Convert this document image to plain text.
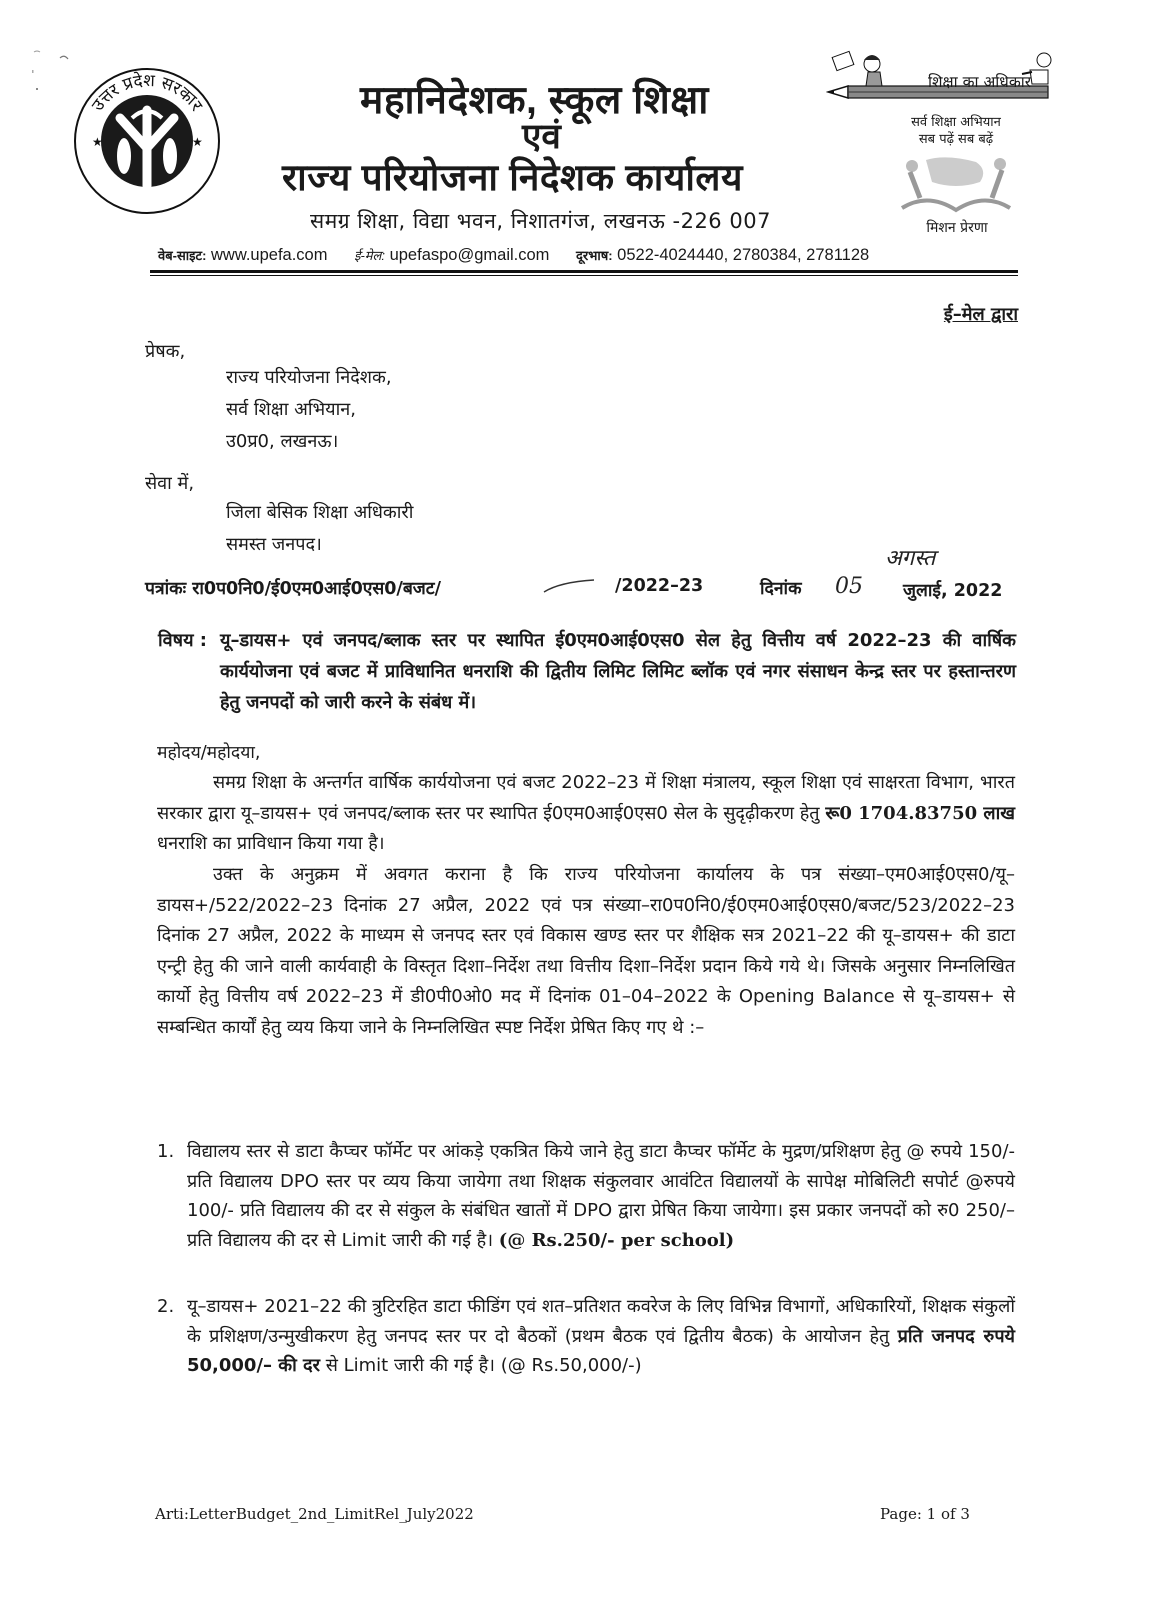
★	★
उत्तर प्रदेश सरकार	महानिदेशक, स्कूल शिक्षा
एवं
राज्य परियोजना निदेशक कार्यालय
समग्र शिक्षा, विद्या भवन, निशातगंज, लखनऊ -226 007
वेब-साइट: www.upefa.com ई-मेल: upefaspo@gmail.com दूरभाष: 0522-4024440, 2780384, 2781128
शिक्षा का अधिकार
सर्व शिक्षा अभियान
सब पढ़ें सब बढ़ें
मिशन प्रेरणा
ई–मेल द्वारा
प्रेषक,
राज्य परियोजना निदेशक,
सर्व शिक्षा अभियान,
उ0प्र0, लखनऊ।
सेवा में,
जिला बेसिक शिक्षा अधिकारी
समस्त जनपद।
पत्रांकः रा0प0नि0/ई0एम0आई0एस0/बजट/	/2022–23	दिनांक 05
अगस्त
जुलाई, 2022
विषय : यू–डायस+ एवं जनपद/ब्लाक स्तर पर स्थापित ई0एम0आई0एस0 सेल हेतु वित्तीय वर्ष 2022–23 की वार्षिक कार्ययोजना एवं बजट में प्राविधानित धनराशि की द्वितीय लिमिट लिमिट ब्लॉक एवं नगर संसाधन केन्द्र स्तर पर हस्तान्तरण हेतु जनपदों को जारी करने के संबंध में।
महोदय/महोदया,

समग्र शिक्षा के अन्तर्गत वार्षिक कार्ययोजना एवं बजट 2022–23 में शिक्षा मंत्रालय, स्कूल शिक्षा एवं साक्षरता विभाग, भारत सरकार द्वारा यू–डायस+ एवं जनपद/ब्लाक स्तर पर स्थापित ई0एम0आई0एस0 सेल के सुदृढ़ीकरण हेतु रू0 1704.83750 लाख धनराशि का प्राविधान किया गया है।

उक्त के अनुक्रम में अवगत कराना है कि राज्य परियोजना कार्यालय के पत्र संख्या–एम0आई0एस0/यू–डायस+/522/2022–23 दिनांक 27 अप्रैल, 2022 एवं पत्र संख्या–रा0प0नि0/ई0एम0आई0एस0/बजट/523/2022–23 दिनांक 27 अप्रैल, 2022 के माध्यम से जनपद स्तर एवं विकास खण्ड स्तर पर शैक्षिक सत्र 2021–22 की यू–डायस+ की डाटा एन्ट्री हेतु की जाने वाली कार्यवाही के विस्तृत दिशा–निर्देश तथा वित्तीय दिशा–निर्देश प्रदान किये गये थे। जिसके अनुसार निम्नलिखित कार्यो हेतु वित्तीय वर्ष 2022–23 में डी0पी0ओ0 मद में दिनांक 01–04–2022 के Opening Balance से यू–डायस+ से सम्बन्धित कार्यों हेतु व्यय किया जाने के निम्नलिखित स्पष्ट निर्देश प्रेषित किए गए थे :–

1. विद्यालय स्तर से डाटा कैप्चर फॉर्मेट पर आंकड़े एकत्रित किये जाने हेतु डाटा कैप्चर फॉर्मेट के मुद्रण/प्रशिक्षण हेतु @ रुपये 150/- प्रति विद्यालय DPO स्तर पर व्यय किया जायेगा तथा शिक्षक संकुलवार आवंटित विद्यालयों के सापेक्ष मोबिलिटी सपोर्ट @रुपये 100/- प्रति विद्यालय की दर से संकुल के संबंधित खातों में DPO द्वारा प्रेषित किया जायेगा। इस प्रकार जनपदों को रु0 250/– प्रति विद्यालय की दर से Limit जारी की गई है। (@ Rs.250/- per school)
2. यू–डायस+ 2021–22 की त्रुटिरहित डाटा फीडिंग एवं शत–प्रतिशत कवरेज के लिए विभिन्न विभागों, अधिकारियों, शिक्षक संकुलों के प्रशिक्षण/उन्मुखीकरण हेतु जनपद स्तर पर दो बैठकों (प्रथम बैठक एवं द्वितीय बैठक) के आयोजन हेतु प्रति जनपद रुपये 50,000/– की दर से Limit जारी की गई है। (@ Rs.50,000/-)
Arti:LetterBudget_2nd_LimitRel_July2022	Page: 1 of 3
